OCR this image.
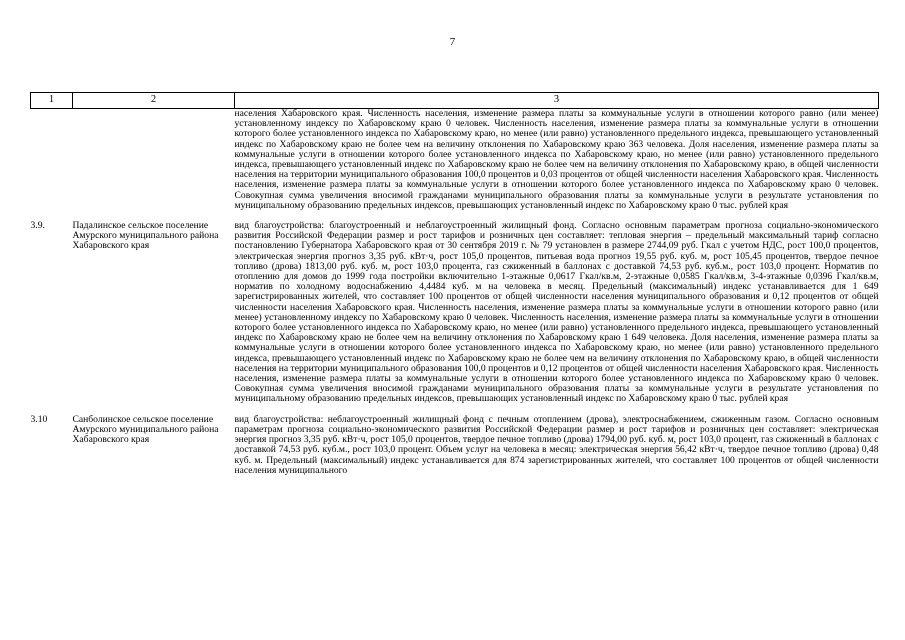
7
1	2	3
		населения Хабаровского края. Численность населения, изменение размера платы за коммунальные услуги в отношении которого равно (или менее) установленному индексу по Хабаровскому краю 0 человек. Численность населения, изменение размера платы за коммунальные услуги в отношении которого более установленного индекса по Хабаровскому краю, но менее (или равно) установленного предельного индекса, превышающего установленный индекс по Хабаровскому краю не более чем на величину отклонения по Хабаровскому краю 363 человека. Доля населения, изменение размера платы за коммунальные услуги в отношении которого более установленного индекса по Хабаровскому краю, но менее (или равно) установленного предельного индекса, превышающего установленный индекс по Хабаровскому краю не более чем на величину отклонения по Хабаровскому краю, в общей численности населения на территории муниципального образования 100,0 процентов и 0,03 процентов от общей численности населения Хабаровского края. Численность населения, изменение размера платы за коммунальные услуги в отношении которого более установленного индекса по Хабаровскому краю 0 человек. Совокупная сумма увеличения вносимой гражданами муниципального образования платы за коммунальные услуги в результате установления по муниципальному образованию предельных индексов, превышающих установленный индекс по Хабаровскому краю 0 тыс. рублей края

3.9.	Падалинское сельское поселение Амурского муниципального района Хабаровского края	вид благоустройства: благоустроенный и неблагоустроенный жилищный фонд. Согласно основным параметрам прогноза социально-экономического развития Российской Федерации размер и рост тарифов и розничных цен составляет: тепловая энергия – предельный максимальный тариф согласно постановлению Губернатора Хабаровского края от 30 сентября 2019 г. № 79 установлен в размере 2744,09 руб. Гкал с учетом НДС, рост 100,0 процентов, электрическая энергия прогноз 3,35 руб. кВт·ч, рост 105,0 процентов, питьевая вода прогноз 19,55 руб. куб. м, рост 105,45 процентов, твердое печное топливо (дрова) 1813,00 руб. куб. м, рост 103,0 процента, газ сжиженный в баллонах с доставкой 74,53 руб. куб.м., рост 103,0 процент. Норматив по отоплению для домов до 1999 года постройки включительно 1-этажные 0,0617 Гкал/кв.м, 2-этажные 0,0585 Гкал/кв.м, 3-4-этажные 0,0396 Гкал/кв.м, норматив по холодному водоснабжению 4,4484 куб. м на человека в месяц. Предельный (максимальный) индекс устанавливается для 1 649 зарегистрированных жителей, что составляет 100 процентов от общей численности населения муниципального образования и 0,12 процентов от общей численности населения Хабаровского края. Численность населения, изменение размера платы за коммунальные услуги в отношении которого равно (или менее) установленному индексу по Хабаровскому краю 0 человек. Численность населения, изменение размера платы за коммунальные услуги в отношении которого более установленного индекса по Хабаровскому краю, но менее (или равно) установленного предельного индекса, превышающего установленный индекс по Хабаровскому краю не более чем на величину отклонения по Хабаровскому краю 1 649 человека. Доля населения, изменение размера платы за коммунальные услуги в отношении которого более установленного индекса по Хабаровскому краю, но менее (или равно) установленного предельного индекса, превышающего установленный индекс по Хабаровскому краю не более чем на величину отклонения по Хабаровскому краю, в общей численности населения на территории муниципального образования 100,0 процентов и 0,12 процентов от общей численности населения Хабаровского края. Численность населения, изменение размера платы за коммунальные услуги в отношении которого более установленного индекса по Хабаровскому краю 0 человек. Совокупная сумма увеличения вносимой гражданами муниципального образования платы за коммунальные услуги в результате установления по муниципальному образованию предельных индексов, превышающих установленный индекс по Хабаровскому краю 0 тыс. рублей края

3.10	Санболинское сельское поселение Амурского муниципального района Хабаровского края	вид благоустройства: неблагоустроенный жилищный фонд с печным отоплением (дрова), электроснабжением, сжиженным газом. Согласно основным параметрам прогноза социально-экономического развития Российской Федерации размер и рост тарифов и розничных цен составляет: электрическая энергия прогноз 3,35 руб. кВт·ч, рост 105,0 процентов, твердое печное топливо (дрова) 1794,00 руб. куб. м, рост 103,0 процент, газ сжиженный в баллонах с доставкой 74,53 руб. куб.м., рост 103,0 процент. Объем услуг на человека в месяц: электрическая энергия 56,42 кВт·ч, твердое печное топливо (дрова) 0,48 куб. м. Предельный (максимальный) индекс устанавливается для 874 зарегистрированных жителей, что составляет 100 процентов от общей численности населения муниципального
